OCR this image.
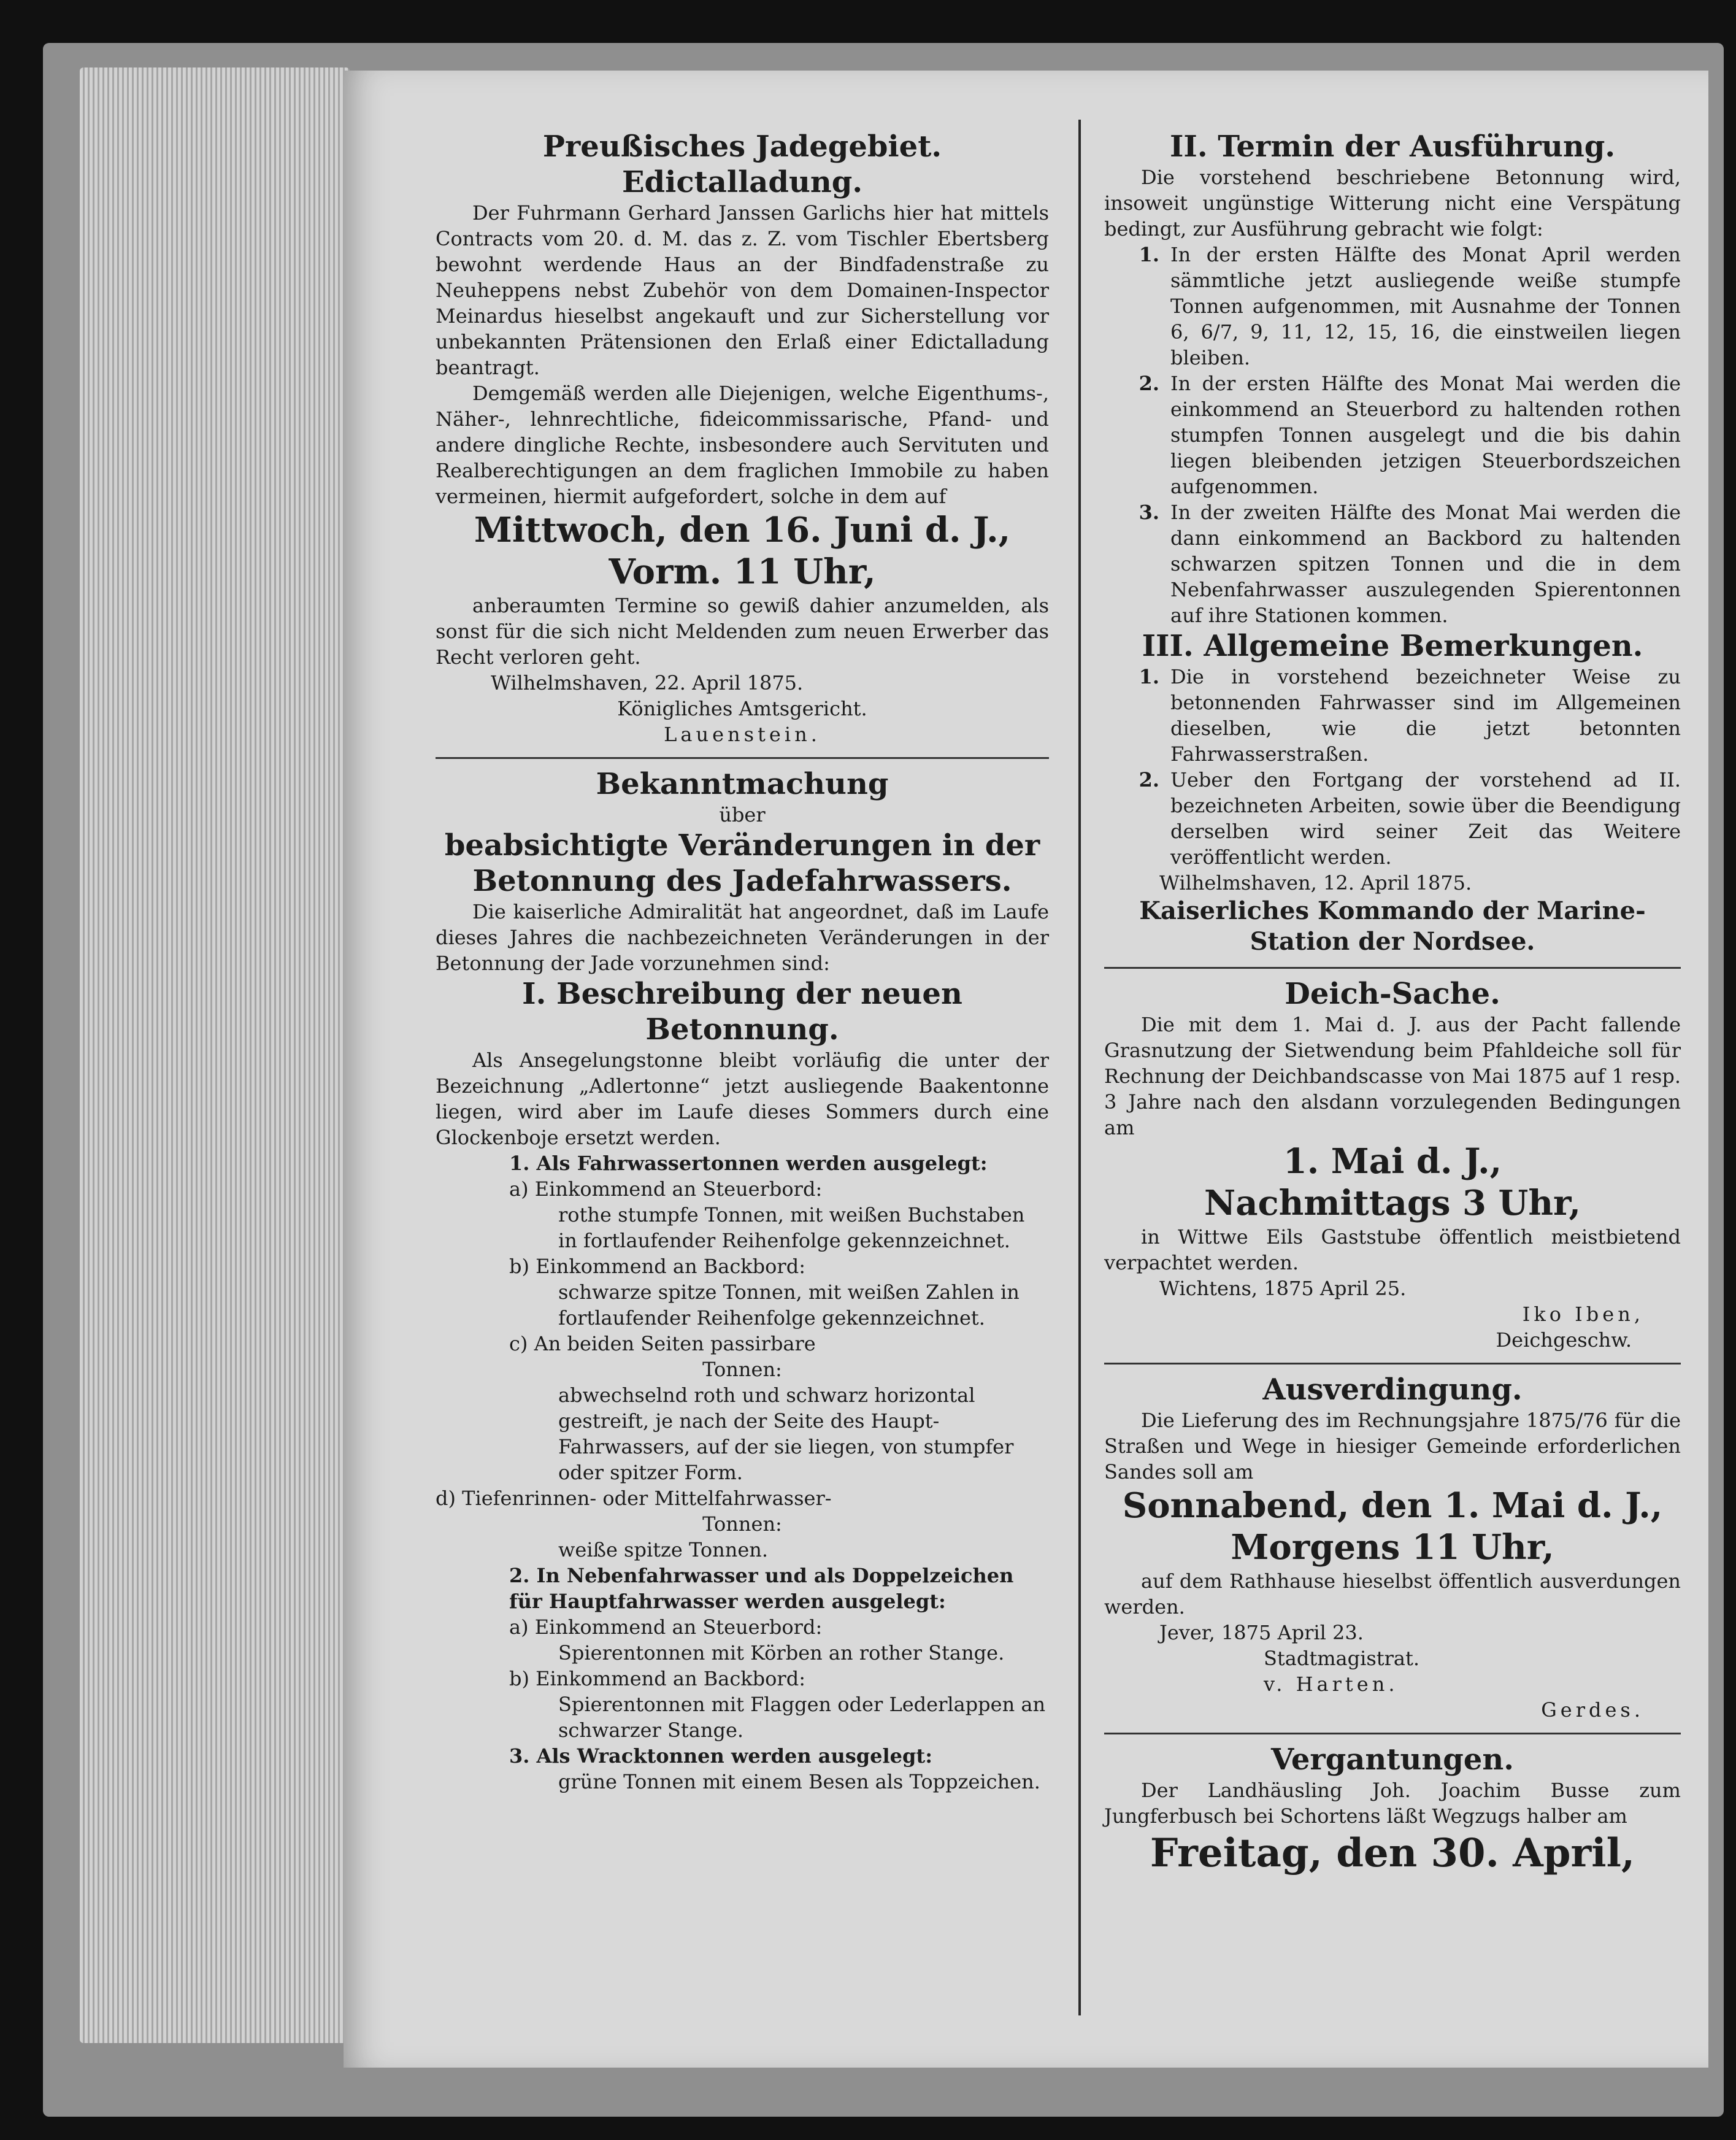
Preußisches Jadegebiet.
Edictalladung.

Der Fuhrmann Gerhard Janssen Garlichs hier hat mittels Contracts vom 20. d. M. das z. Z. vom Tischler Ebertsberg bewohnt werdende Haus an der Bindfadenstraße zu Neuheppens nebst Zubehör von dem Domainen-Inspector Meinardus hieselbst angekauft und zur Sicherstellung vor unbekannten Prätensionen den Erlaß einer Edictalladung beantragt.

Demgemäß werden alle Diejenigen, welche Eigenthums-, Näher-, lehnrechtliche, fideicommissarische, Pfand- und andere dingliche Rechte, insbesondere auch Servituten und Realberechtigungen an dem fraglichen Immobile zu haben vermeinen, hiermit aufgefordert, solche in dem auf

Mittwoch, den 16. Juni d. J.,
Vorm. 11 Uhr,

anberaumten Termine so gewiß dahier anzumelden, als sonst für die sich nicht Meldenden zum neuen Erwerber das Recht verloren geht.

Wilhelmshaven, 22. April 1875.
Königliches Amtsgericht.
Lauenstein.
Bekanntmachung
über
beabsichtigte Veränderungen in der
Betonnung des Jadefahrwassers.

Die kaiserliche Admiralität hat angeordnet, daß im Laufe dieses Jahres die nachbezeichneten Veränderungen in der Betonnung der Jade vorzunehmen sind:

I. Beschreibung der neuen Betonnung.

Als Ansegelungstonne bleibt vorläufig die unter der Bezeichnung „Adlertonne“ jetzt ausliegende Baakentonne liegen, wird aber im Laufe dieses Sommers durch eine Glockenboje ersetzt werden.

1. Als Fahrwassertonnen werden ausgelegt:
a) Einkommend an Steuerbord:
rothe stumpfe Tonnen, mit weißen Buchstaben in fortlaufender Reihenfolge gekennzeichnet.
b) Einkommend an Backbord:
schwarze spitze Tonnen, mit weißen Zahlen in fortlaufender Reihenfolge gekennzeichnet.
c) An beiden Seiten passirbare
Tonnen:
abwechselnd roth und schwarz horizontal gestreift, je nach der Seite des Haupt-Fahrwassers, auf der sie liegen, von stumpfer oder spitzer Form.
d) Tiefenrinnen- oder Mittelfahrwasser-
Tonnen:
weiße spitze Tonnen.
2. In Nebenfahrwasser und als Doppelzeichen für Hauptfahrwasser werden ausgelegt:
a) Einkommend an Steuerbord:
Spierentonnen mit Körben an rother Stange.
b) Einkommend an Backbord:
Spierentonnen mit Flaggen oder Lederlappen an schwarzer Stange.
3. Als Wracktonnen werden ausgelegt:
grüne Tonnen mit einem Besen als Toppzeichen.
II. Termin der Ausführung.

Die vorstehend beschriebene Betonnung wird, insoweit ungünstige Witterung nicht eine Verspätung bedingt, zur Ausführung gebracht wie folgt:

1. In der ersten Hälfte des Monat April werden sämmtliche jetzt ausliegende weiße stumpfe Tonnen aufgenommen, mit Ausnahme der Tonnen 6, 6/7, 9, 11, 12, 15, 16, die einstweilen liegen bleiben.
2. In der ersten Hälfte des Monat Mai werden die einkommend an Steuerbord zu haltenden rothen stumpfen Tonnen ausgelegt und die bis dahin liegen bleibenden jetzigen Steuerbordszeichen aufgenommen.
3. In der zweiten Hälfte des Monat Mai werden die dann einkommend an Backbord zu haltenden schwarzen spitzen Tonnen und die in dem Nebenfahrwasser auszulegenden Spierentonnen auf ihre Stationen kommen.
III. Allgemeine Bemerkungen.
1. Die in vorstehend bezeichneter Weise zu betonnenden Fahrwasser sind im Allgemeinen dieselben, wie die jetzt betonnten Fahrwasserstraßen.
2. Ueber den Fortgang der vorstehend ad II. bezeichneten Arbeiten, sowie über die Beendigung derselben wird seiner Zeit das Weitere veröffentlicht werden.
Wilhelmshaven, 12. April 1875.
Kaiserliches Kommando der Marine-
Station der Nordsee.
Deich-Sache.

Die mit dem 1. Mai d. J. aus der Pacht fallende Grasnutzung der Sietwendung beim Pfahldeiche soll für Rechnung der Deichbandscasse von Mai 1875 auf 1 resp. 3 Jahre nach den alsdann vorzulegenden Bedingungen am

1. Mai d. J.,
Nachmittags 3 Uhr,

in Wittwe Eils Gaststube öffentlich meistbietend verpachtet werden.

Wichtens, 1875 April 25.
Iko Iben,
Deichgeschw.
Ausverdingung.

Die Lieferung des im Rechnungsjahre 1875/76 für die Straßen und Wege in hiesiger Gemeinde erforderlichen Sandes soll am

Sonnabend, den 1. Mai d. J.,
Morgens 11 Uhr,

auf dem Rathhause hieselbst öffentlich ausverdungen werden.

Jever, 1875 April 23.
Stadtmagistrat.
v. Harten.
Gerdes.
Vergantungen.

Der Landhäusling Joh. Joachim Busse zum Jungferbusch bei Schortens läßt Wegzugs halber am

Freitag, den 30. April,
